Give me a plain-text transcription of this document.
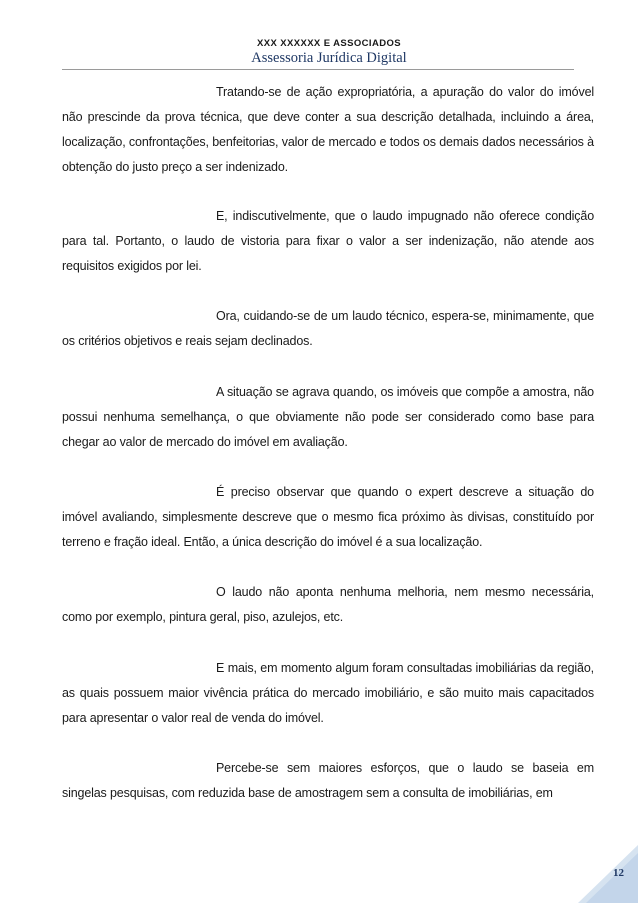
XXX XXXXXX E ASSOCIADOS
Assessoria Jurídica Digital

Tratando-se de ação expropriatória, a apuração do valor do imóvel não prescinde da prova técnica, que deve conter a sua descrição detalhada, incluindo a área, localização, confrontações, benfeitorias, valor de mercado e todos os demais dados necessários à obtenção do justo preço a ser indenizado.

E, indiscutivelmente, que o laudo impugnado não oferece condição para tal. Portanto, o laudo de vistoria para fixar o valor a ser indenização, não atende aos requisitos exigidos por lei.

Ora, cuidando-se de um laudo técnico, espera-se, minimamente, que os critérios objetivos e reais sejam declinados.

A situação se agrava quando, os imóveis que compõe a amostra, não possui nenhuma semelhança, o que obviamente não pode ser considerado como base para chegar ao valor de mercado do imóvel em avaliação.

É preciso observar que quando o expert descreve a situação do imóvel avaliando, simplesmente descreve que o mesmo fica próximo às divisas, constituído por terreno e fração ideal. Então, a única descrição do imóvel é a sua localização.

O laudo não aponta nenhuma melhoria, nem mesmo necessária, como por exemplo, pintura geral, piso, azulejos, etc.

E mais, em momento algum foram consultadas imobiliárias da região, as quais possuem maior vivência prática do mercado imobiliário, e são muito mais capacitados para apresentar o valor real de venda do imóvel.

Percebe-se sem maiores esforços, que o laudo se baseia em singelas pesquisas, com reduzida base de amostragem sem a consulta de imobiliárias, em

12
